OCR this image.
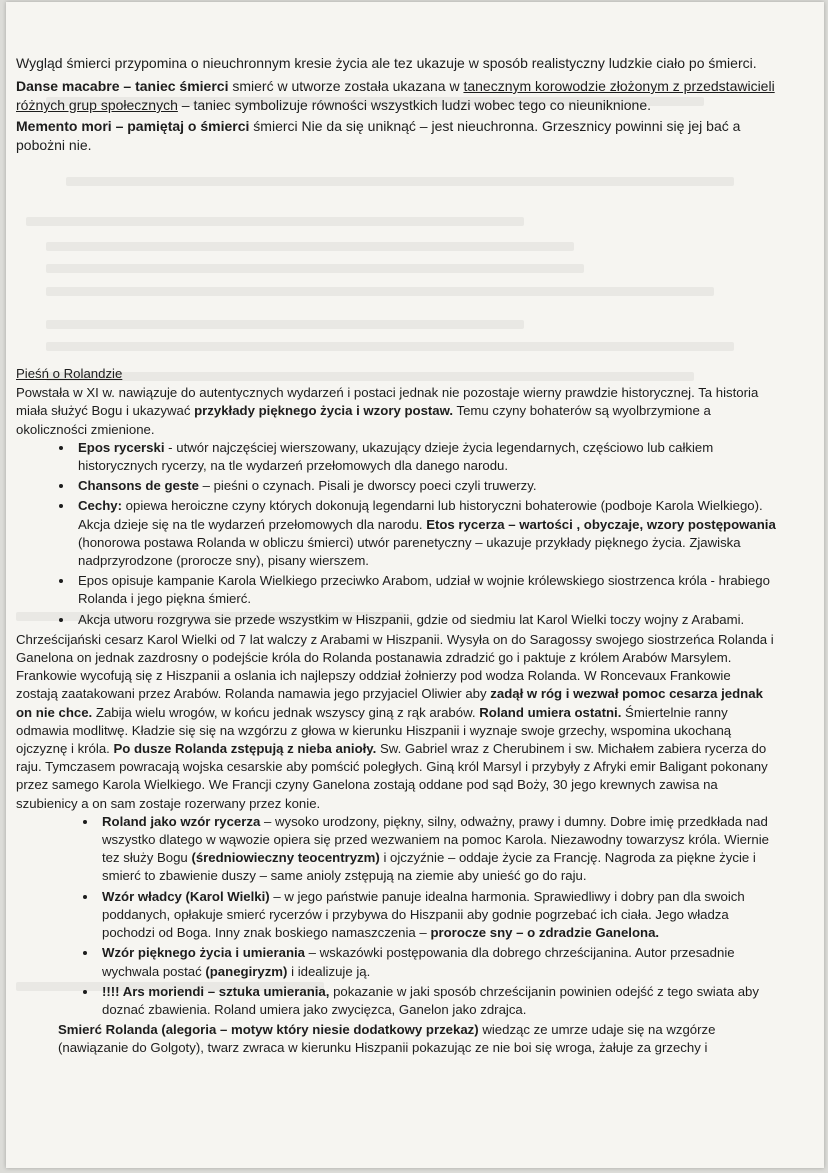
Wygląd śmierci przypomina o nieuchronnym kresie życia ale tez ukazuje w sposób realistyczny ludzkie ciało po śmierci.

Danse macabre – taniec śmierci smierć w utworze została ukazana w tanecznym korowodzie złożonym z przedstawicieli różnych grup społecznych – taniec symbolizuje równości wszystkich ludzi wobec tego co nieuniknione.

Memento mori – pamiętaj o śmierci śmierci Nie da się uniknąć – jest nieuchronna. Grzesznicy powinni się jej bać a pobożni nie.

Pieśń o Rolandzie

Powstała w XI w. nawiązuje do autentycznych wydarzeń i postaci jednak nie pozostaje wierny prawdzie historycznej. Ta historia miała służyć Bogu i ukazywać przykłady pięknego życia i wzory postaw. Temu czyny bohaterów są wyolbrzymione a okoliczności zmienione.

• Epos rycerski - utwór najczęściej wierszowany, ukazujący dzieje życia legendarnych, częściowo lub całkiem historycznych rycerzy, na tle wydarzeń przełomowych dla danego narodu.
• Chansons de geste – pieśni o czynach. Pisali je dworscy poeci czyli truwerzy.
• Cechy: opiewa heroiczne czyny których dokonują legendarni lub historyczni bohaterowie (podboje Karola Wielkiego). Akcja dzieje się na tle wydarzeń przełomowych dla narodu. Etos rycerza – wartości , obyczaje, wzory postępowania (honorowa postawa Rolanda w obliczu śmierci) utwór parenetyczny – ukazuje przykłady pięknego życia. Zjawiska nadprzyrodzone (prorocze sny), pisany wierszem.
• Epos opisuje kampanie Karola Wielkiego przeciwko Arabom, udział w wojnie królewskiego siostrzenca króla - hrabiego Rolanda i jego piękna śmierć.
• Akcja utworu rozgrywa sie przede wszystkim w Hiszpanii, gdzie od siedmiu lat Karol Wielki toczy wojny z Arabami.

Chrześcijański cesarz Karol Wielki od 7 lat walczy z Arabami w Hiszpanii. Wysyła on do Saragossy swojego siostrzeńca Rolanda i Ganelona on jednak zazdrosny o podejście króla do Rolanda postanawia zdradzić go i paktuje z królem Arabów Marsylem. Frankowie wycofują się z Hiszpanii a oslania ich najlepszy oddział żołnierzy pod wodza Rolanda. W Roncevaux Frankowie zostają zaatakowani przez Arabów. Rolanda namawia jego przyjaciel Oliwier aby zadął w róg i wezwał pomoc cesarza jednak on nie chce. Zabija wielu wrogów, w końcu jednak wszyscy giną z rąk arabów. Roland umiera ostatni. Śmiertelnie ranny odmawia modlitwę. Kładzie się się na wzgórzu z głowa w kierunku Hiszpanii i wyznaje swoje grzechy, wspomina ukochaną ojczyznę i króla. Po dusze Rolanda zstępują z nieba anioły. Sw. Gabriel wraz z Cherubinem i sw. Michałem zabiera rycerza do raju. Tymczasem powracają wojska cesarskie aby pomścić poległych. Giną król Marsyl i przybyły z Afryki emir Baligant pokonany przez samego Karola Wielkiego. We Francji czyny Ganelona zostają oddane pod sąd Boży, 30 jego krewnych zawisa na szubienicy a on sam zostaje rozerwany przez konie.

• Roland jako wzór rycerza – wysoko urodzony, piękny, silny, odważny, prawy i dumny. Dobre imię przedkłada nad wszystko dlatego w wąwozie opiera się przed wezwaniem na pomoc Karola. Niezawodny towarzysz króla. Wiernie tez służy Bogu (średniowieczny teocentryzm) i ojczyźnie – oddaje życie za Francję. Nagroda za piękne życie i smierć to zbawienie duszy – same anioly zstępują na ziemie aby unieść go do raju.
• Wzór władcy (Karol Wielki) – w jego państwie panuje idealna harmonia. Sprawiedliwy i dobry pan dla swoich poddanych, opłakuje smierć rycerzów i przybywa do Hiszpanii aby godnie pogrzebać ich ciała. Jego władza pochodzi od Boga. Inny znak boskiego namaszczenia – prorocze sny – o zdradzie Ganelona.
• Wzór pięknego życia i umierania – wskazówki postępowania dla dobrego chrześcijanina. Autor przesadnie wychwala postać (panegiryzm) i idealizuje ją.
• !!!! Ars moriendi – sztuka umierania, pokazanie w jaki sposób chrześcijanin powinien odejść z tego swiata aby doznać zbawienia. Roland umiera jako zwycięzca, Ganelon jako zdrajca.

Smierć Rolanda (alegoria – motyw który niesie dodatkowy przekaz) wiedząc ze umrze udaje się na wzgórze (nawiązanie do Golgoty), twarz zwraca w kierunku Hiszpanii pokazując ze nie boi się wroga, żałuje za grzechy i
